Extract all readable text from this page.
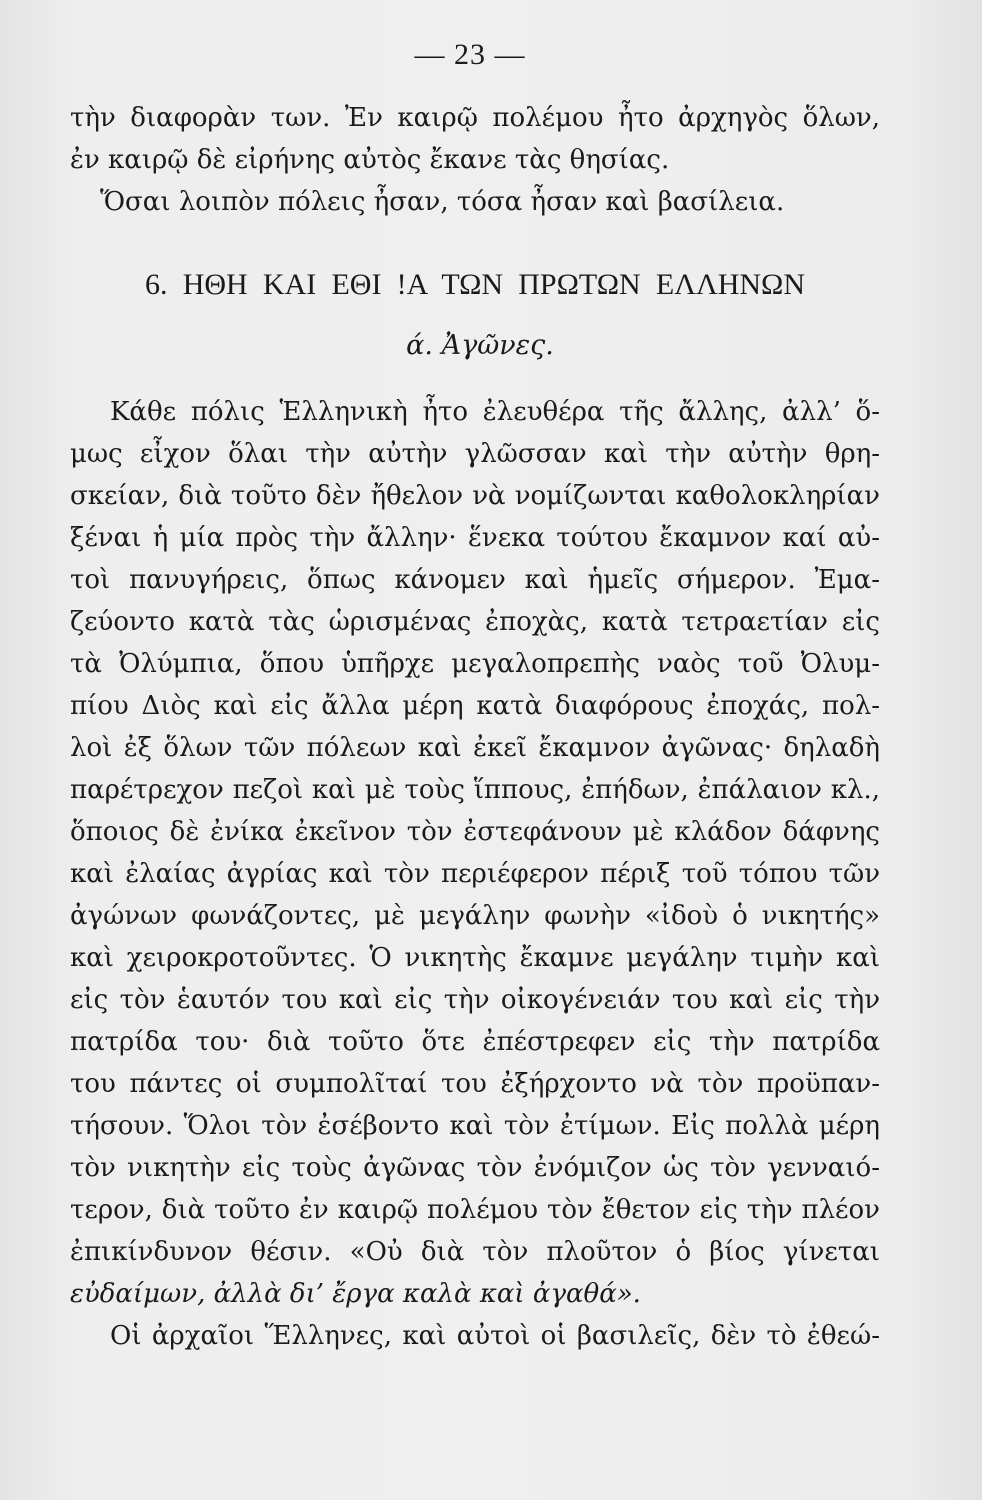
— 23 —
τὴν διαφορὰν των. Ἐν καιρῷ πολέμου ἦτο ἀρχηγὸς ὅλων,
ἐν καιρῷ δὲ εἰρήνης αὐτὸς ἔκανε τὰς θησίας.
Ὅσαι λοιπὸν πόλεις ἦσαν, τόσα ἦσαν καὶ βασίλεια.
6. ΗΘΗ ΚΑΙ ΕΘΙ !Α ΤΩΝ ΠΡΩΤΩΝ ΕΛΛΗΝΩΝ
ά. Ἀγῶνες.
Κάθε πόλις Ἑλληνικὴ ἦτο ἐλευθέρα τῆς ἄλλης, ἀλλ’ ὅ-
μως εἶχον ὅλαι τὴν αὐτὴν γλῶσσαν καὶ τὴν αὐτὴν θρη-
σκείαν, διὰ τοῦτο δὲν ἤθελον νὰ νομίζωνται καθολοκληρίαν
ξέναι ἡ μία πρὸς τὴν ἄλλην· ἕνεκα τούτου ἔκαμνον καί αὐ-
τοὶ πανυγήρεις, ὅπως κάνομεν καὶ ἡμεῖς σήμερον. Ἐμα-
ζεύοντο κατὰ τὰς ὡρισμένας ἐποχὰς, κατὰ τετραετίαν εἰς
τὰ Ὀλύμπια, ὅπου ὑπῆρχε μεγαλοπρεπὴς ναὸς τοῦ Ὀλυμ-
πίου Διὸς καὶ εἰς ἄλλα μέρη κατὰ διαφόρους ἐποχάς, πολ-
λοὶ ἐξ ὅλων τῶν πόλεων καὶ ἐκεῖ ἔκαμνον ἀγῶνας· δηλαδὴ
παρέτρεχον πεζοὶ καὶ μὲ τοὺς ἵππους, ἐπήδων, ἐπάλαιον κλ.,
ὅποιος δὲ ἐνίκα ἐκεῖνον τὸν ἐστεφάνουν μὲ κλάδον δάφνης
καὶ ἐλαίας ἀγρίας καὶ τὸν περιέφερον πέριξ τοῦ τόπου τῶν
ἀγώνων φωνάζοντες, μὲ μεγάλην φωνὴν «ἰδοὺ ὁ νικητής»
καὶ χειροκροτοῦντες. Ὁ νικητὴς ἔκαμνε μεγάλην τιμὴν καὶ
εἰς τὸν ἑαυτόν του καὶ εἰς τὴν οἰκογένειάν του καὶ εἰς τὴν
πατρίδα του· διὰ τοῦτο ὅτε ἐπέστρεφεν εἰς τὴν πατρίδα
του πάντες οἱ συμπολῖταί του ἐξήρχοντο νὰ τὸν προϋπαν-
τήσουν. Ὅλοι τὸν ἐσέβοντο καὶ τὸν ἐτίμων. Εἰς πολλὰ μέρη
τὸν νικητὴν εἰς τοὺς ἀγῶνας τὸν ἐνόμιζον ὡς τὸν γενναιό-
τερον, διὰ τοῦτο ἐν καιρῷ πολέμου τὸν ἔθετον εἰς τὴν πλέον
ἐπικίνδυνον θέσιν. «Οὐ διὰ τὸν πλοῦτον ὁ βίος γίνεται
εὐδαίμων, ἀλλὰ δι’ ἔργα καλὰ καὶ ἀγαθά».
Οἱ ἀρχαῖοι Ἕλληνες, καὶ αὐτοὶ οἱ βασιλεῖς, δὲν τὸ ἐθεώ-
